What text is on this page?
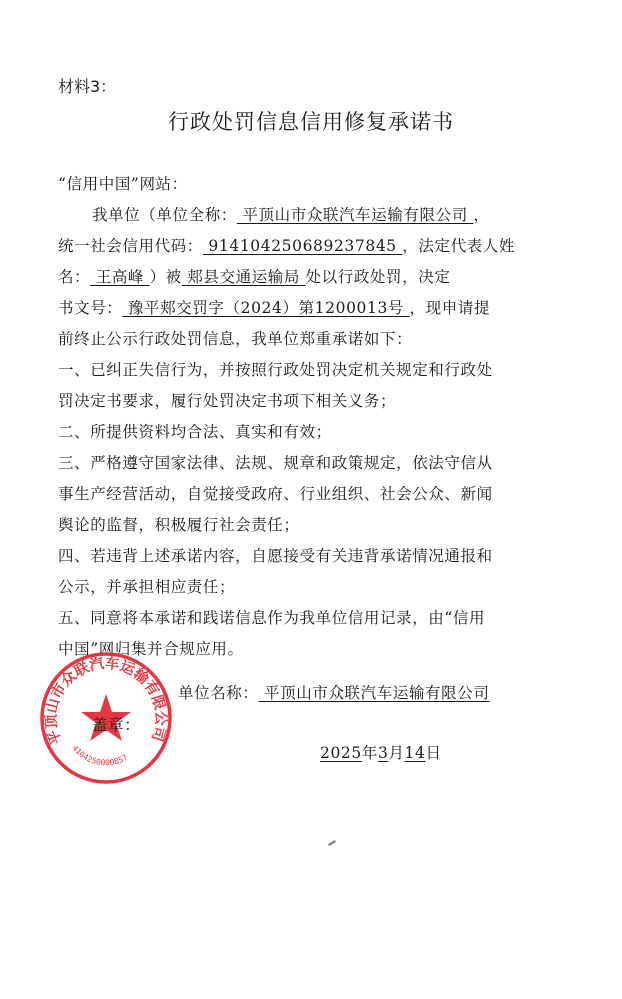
材料3：
行政处罚信息信用修复承诺书
“信用中国”网站：
我单位（单位全称： 平顶山市众联汽车运输有限公司 ，
统一社会信用代码： 914104250689237845 ，法定代表人姓
名： 王高峰 ）被 郏县交通运输局 处以行政处罚，决定
书文号： 豫平郏交罚字（2024）第1200013号 ，现申请提
前终止公示行政处罚信息，我单位郑重承诺如下：
一、已纠正失信行为，并按照行政处罚决定机关规定和行政处
罚决定书要求，履行处罚决定书项下相关义务；
二、所提供资料均合法、真实和有效；
三、严格遵守国家法律、法规、规章和政策规定，依法守信从
事生产经营活动，自觉接受政府、行业组织、社会公众、新闻
舆论的监督，积极履行社会责任；
四、若违背上述承诺内容，自愿接受有关违背承诺情况通报和
公示，并承担相应责任；
五、同意将本承诺和践诺信息作为我单位信用记录，由“信用
中国”网归集并合规应用。
平顶山市众联汽车运输有限公司
4104250000857
单位名称： 平顶山市众联汽车运输有限公司
盖章：
2025年3月14日
